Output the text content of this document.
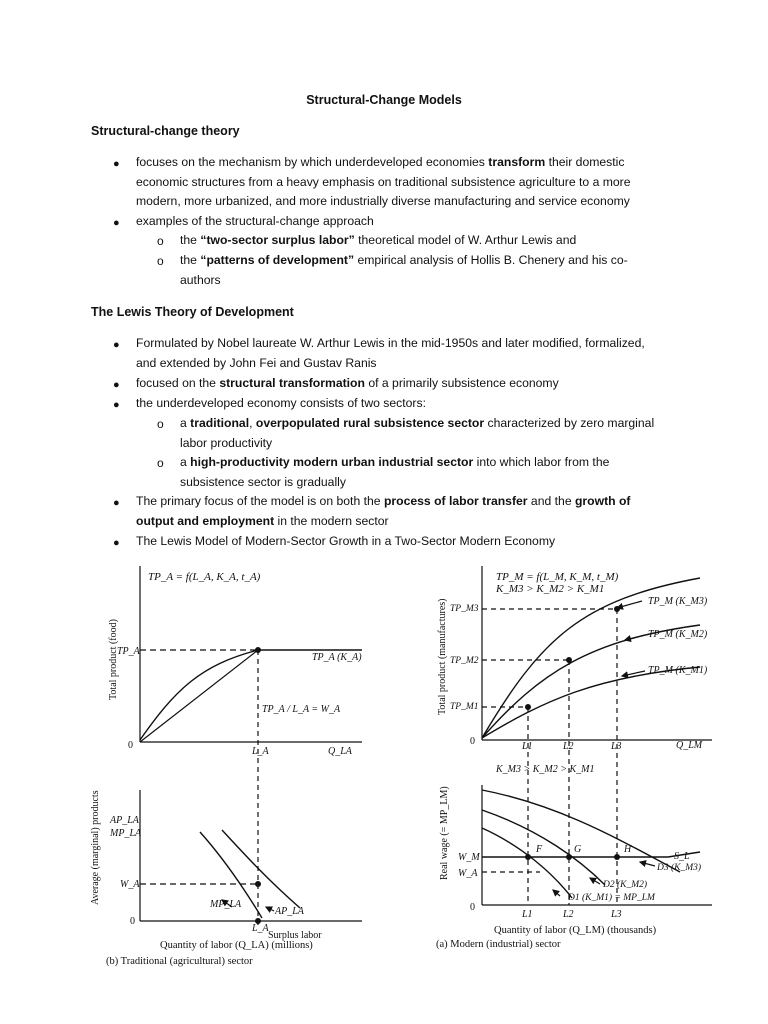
Structural-Change Models
Structural-change theory
● focuses on the mechanism by which underdeveloped economies transform their domestic
economic structures from a heavy emphasis on traditional subsistence agriculture to a more
modern, more urbanized, and more industrially diverse manufacturing and service economy
● examples of the structural-change approach
o the “two-sector surplus labor” theoretical model of W. Arthur Lewis and
o the “patterns of development” empirical analysis of Hollis B. Chenery and his co-
authors
The Lewis Theory of Development
● Formulated by Nobel laureate W. Arthur Lewis in the mid-1950s and later modified, formalized,
and extended by John Fei and Gustav Ranis
● focused on the structural transformation of a primarily subsistence economy
● the underdeveloped economy consists of two sectors:
o a traditional, overpopulated rural subsistence sector characterized by zero marginal
labor productivity
o a high-productivity modern urban industrial sector into which labor from the
subsistence sector is gradually
● The primary focus of the model is on both the process of labor transfer and the growth of
output and employment in the modern sector
● The Lewis Model of Modern-Sector Growth in a Two-Sector Modern Economy
TP_A = f(L_A, K_A, t_A)
Total product (food)
TP_A
TP_A (K_A)
TP_A / L_A = W_A
0
L_A	Q_LA
Average (marginal) products AP_LA
MP_LA
W_A
MP_LA
AP_LA
0
L_A
Surplus labor
Quantity of labor (Q_LA) (millions)
(b) Traditional (agricultural) sector
TP_M = f(L_M, K_M, t_M)
K_M3 > K_M2 > K_M1
Total product (manufactures) TP_M3
TP_M2
TP_M1
TP_M (K_M3)
TP_M (K_M2)
TP_M (K_M1)
0	L1	L2	L3	Q_LM
K_M3 > K_M2 > K_M1
Real wage (= MP_LM) W_M
W_A
F	G	H
S_L
D3 (K_M3)
D2 (K_M2)
D1 (K_M1) = MP_LM
0
L1	L2	L3
Quantity of labor (Q_LM) (thousands)
(a) Modern (industrial) sector
